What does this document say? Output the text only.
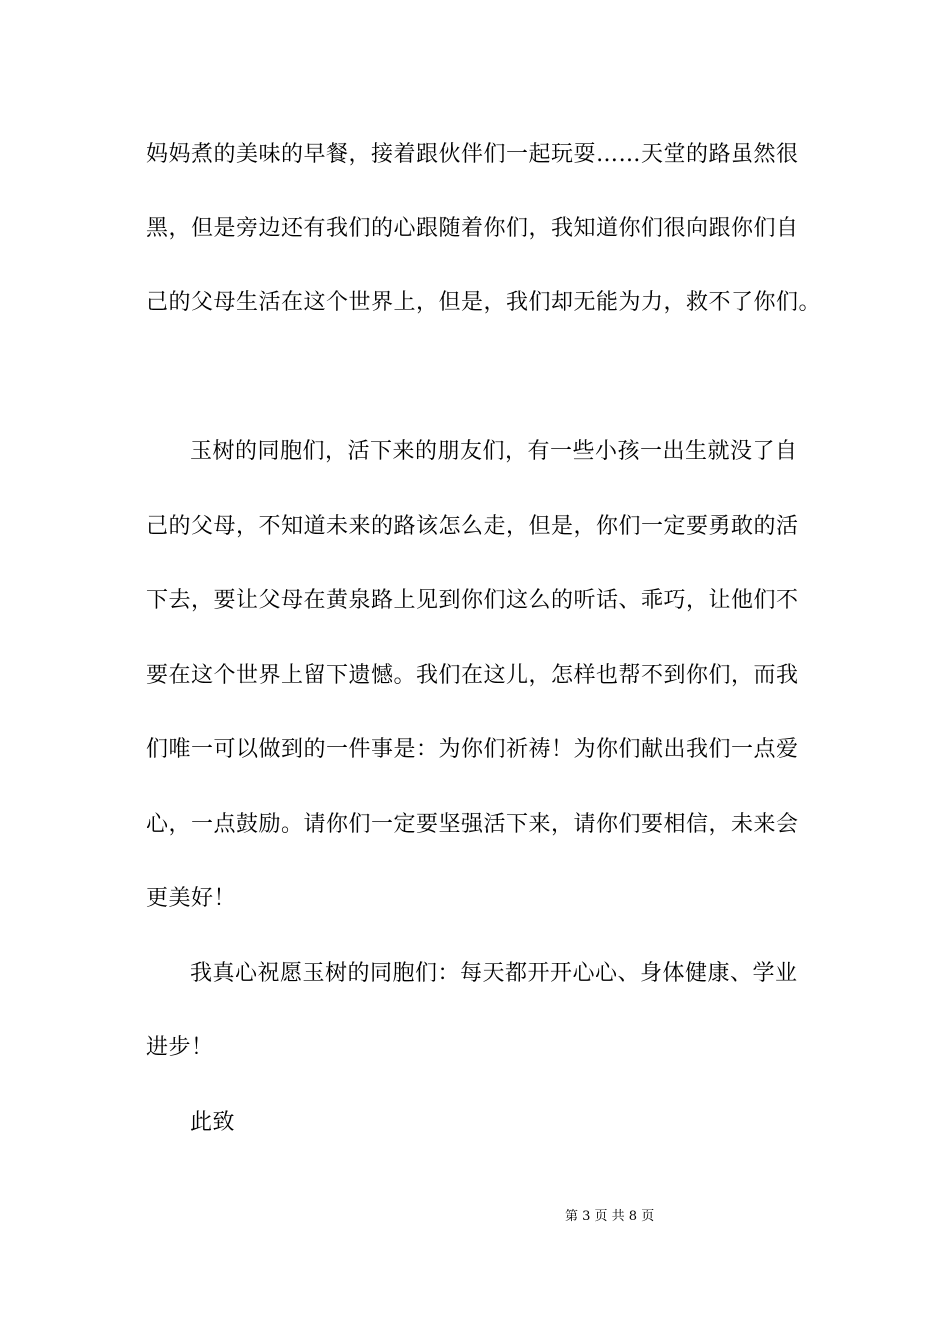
妈妈煮的美味的早餐，接着跟伙伴们一起玩耍……天堂的路虽然很
黑，但是旁边还有我们的心跟随着你们，我知道你们很向跟你们自
己的父母生活在这个世界上，但是，我们却无能为力，救不了你们。
玉树的同胞们，活下来的朋友们，有一些小孩一出生就没了自
己的父母，不知道未来的路该怎么走，但是，你们一定要勇敢的活
下去，要让父母在黄泉路上见到你们这么的听话、乖巧，让他们不
要在这个世界上留下遗憾。我们在这儿，怎样也帮不到你们，而我
们唯一可以做到的一件事是：为你们祈祷！为你们献出我们一点爱
心，一点鼓励。请你们一定要坚强活下来，请你们要相信，未来会
更美好！
我真心祝愿玉树的同胞们：每天都开开心心、身体健康、学业
进步！
此致
第 3 页 共 8 页
